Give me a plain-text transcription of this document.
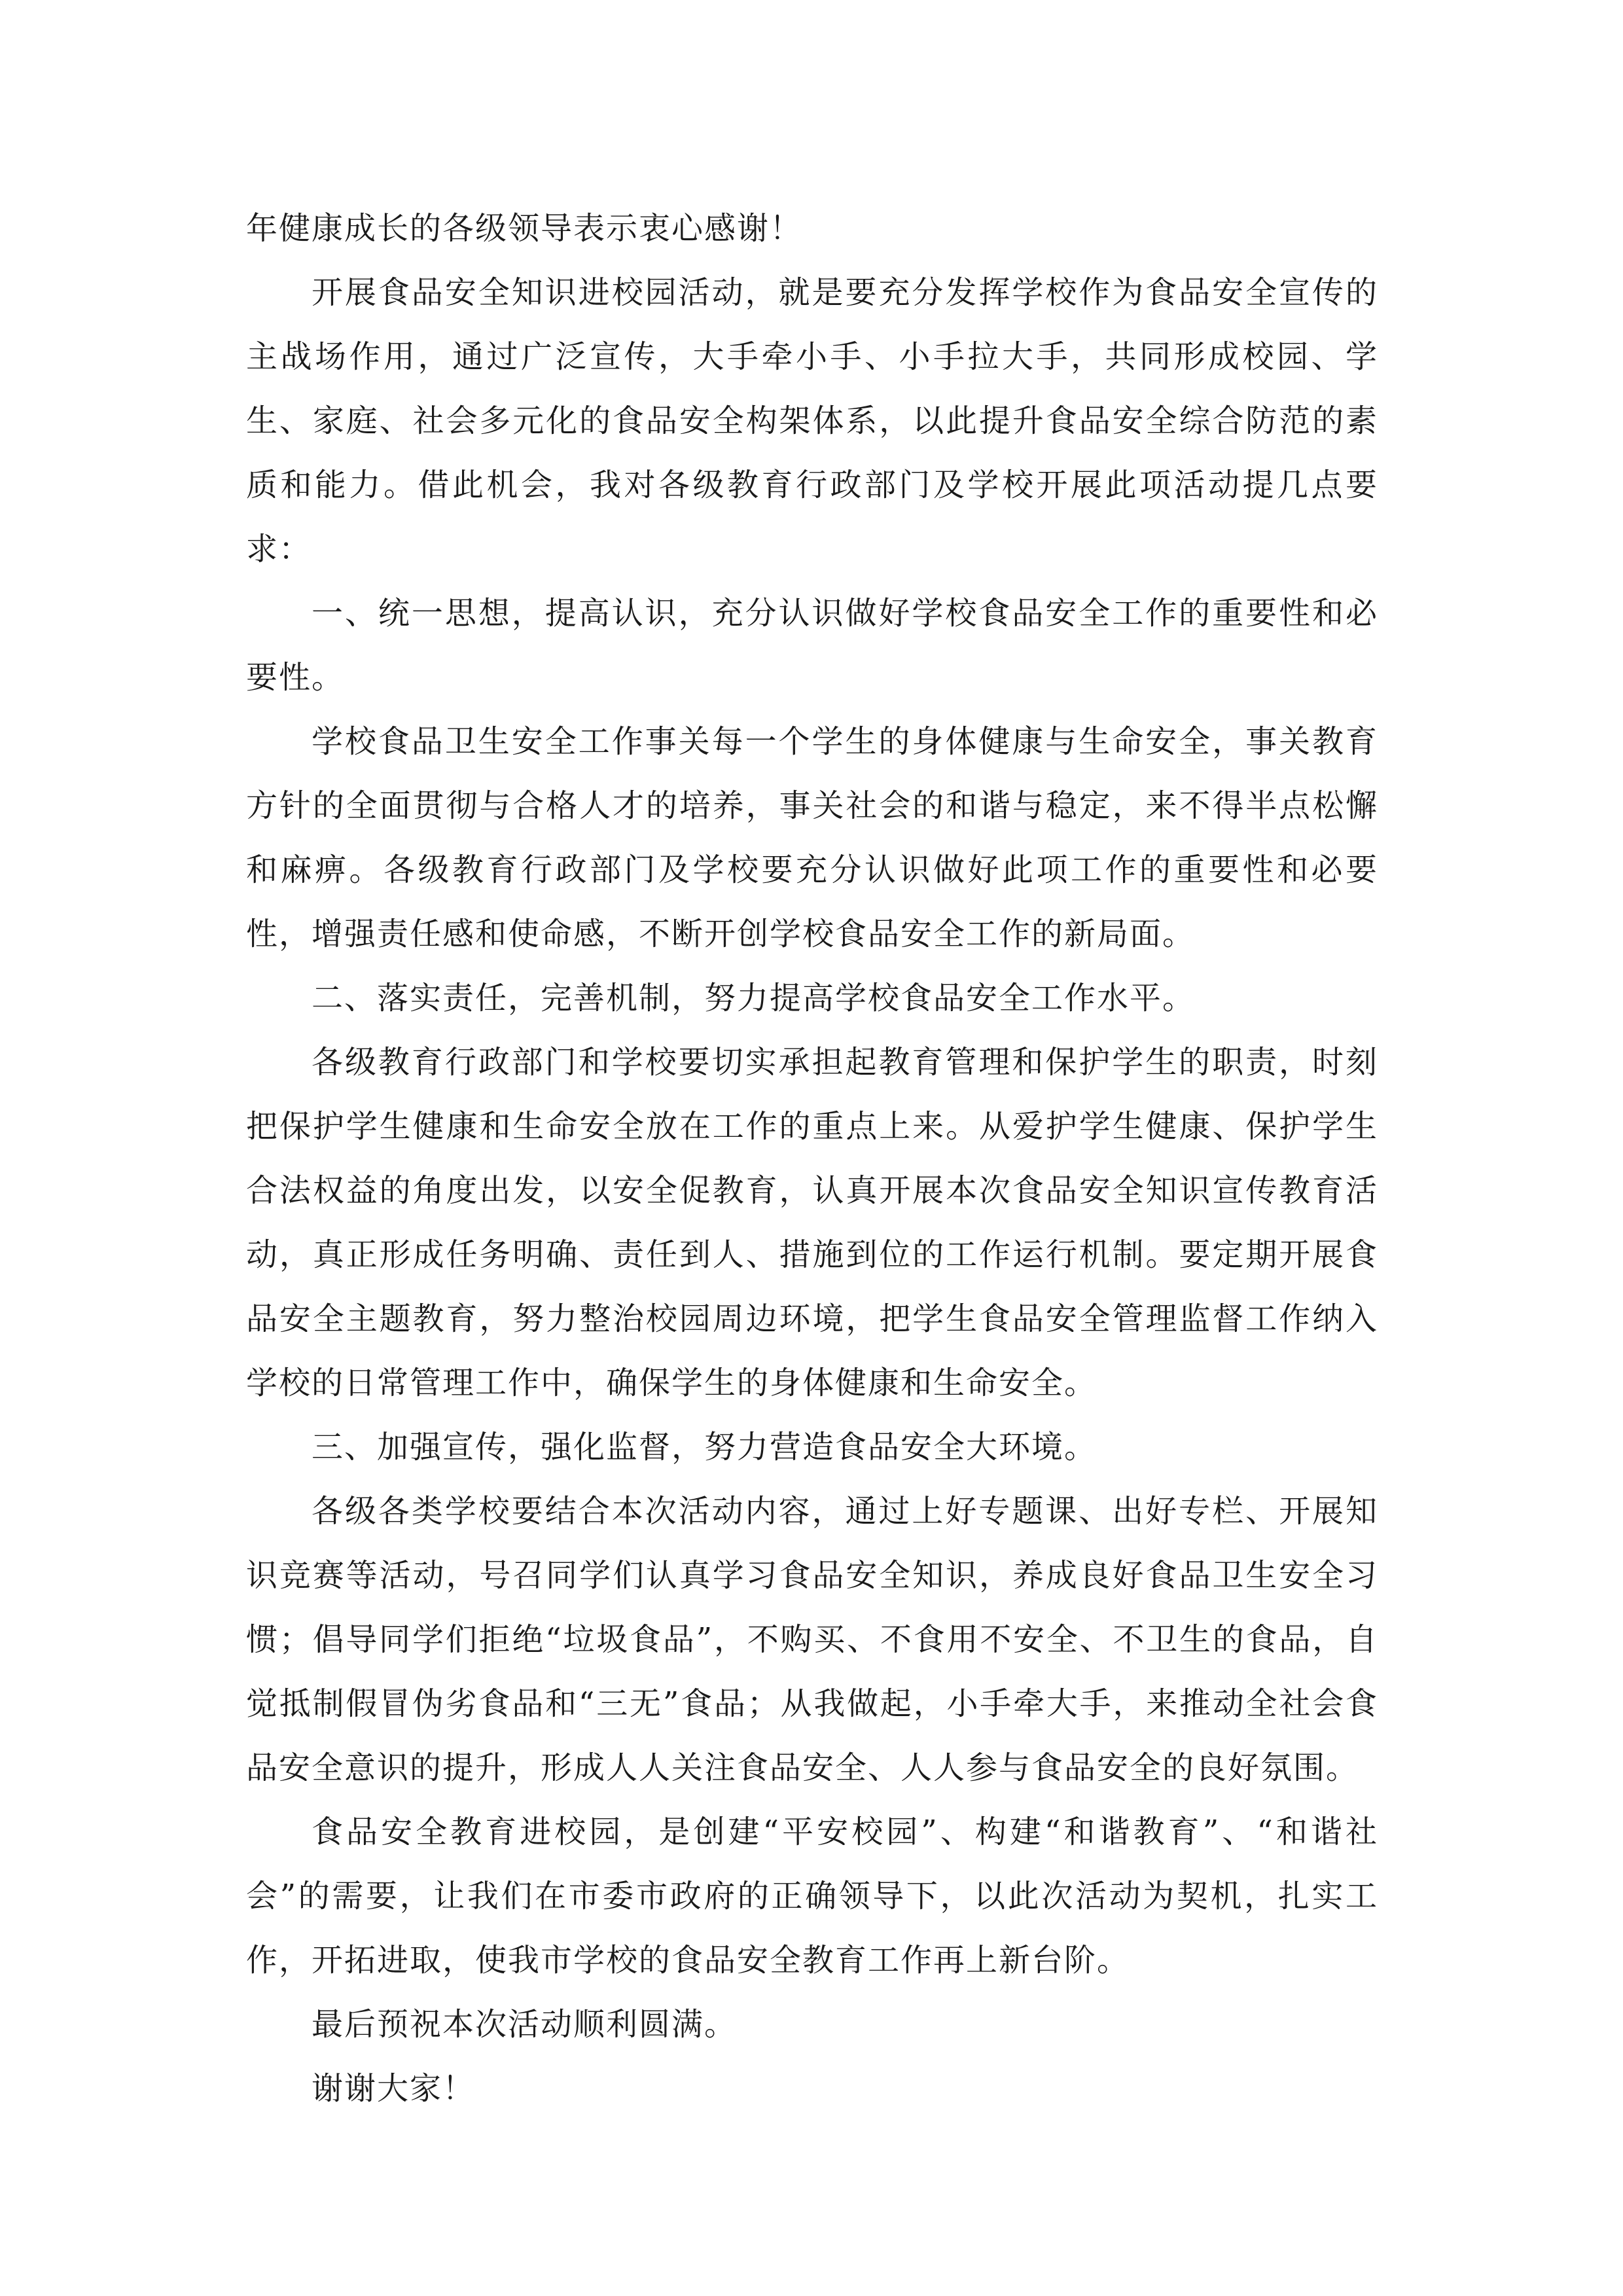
年健康成长的各级领导表示衷心感谢！

开展食品安全知识进校园活动，就是要充分发挥学校作为食品安全宣传的主战场作用，通过广泛宣传，大手牵小手、小手拉大手，共同形成校园、学生、家庭、社会多元化的食品安全构架体系，以此提升食品安全综合防范的素质和能力。借此机会，我对各级教育行政部门及学校开展此项活动提几点要求：

一、统一思想，提高认识，充分认识做好学校食品安全工作的重要性和必要性。

学校食品卫生安全工作事关每一个学生的身体健康与生命安全，事关教育方针的全面贯彻与合格人才的培养，事关社会的和谐与稳定，来不得半点松懈和麻痹。各级教育行政部门及学校要充分认识做好此项工作的重要性和必要性，增强责任感和使命感，不断开创学校食品安全工作的新局面。

二、落实责任，完善机制，努力提高学校食品安全工作水平。

各级教育行政部门和学校要切实承担起教育管理和保护学生的职责，时刻把保护学生健康和生命安全放在工作的重点上来。从爱护学生健康、保护学生合法权益的角度出发，以安全促教育，认真开展本次食品安全知识宣传教育活动，真正形成任务明确、责任到人、措施到位的工作运行机制。要定期开展食品安全主题教育，努力整治校园周边环境，把学生食品安全管理监督工作纳入学校的日常管理工作中，确保学生的身体健康和生命安全。

三、加强宣传，强化监督，努力营造食品安全大环境。

各级各类学校要结合本次活动内容，通过上好专题课、出好专栏、开展知识竞赛等活动，号召同学们认真学习食品安全知识，养成良好食品卫生安全习惯；倡导同学们拒绝“垃圾食品”，不购买、不食用不安全、不卫生的食品，自觉抵制假冒伪劣食品和“三无”食品；从我做起，小手牵大手，来推动全社会食品安全意识的提升，形成人人关注食品安全、人人参与食品安全的良好氛围。

食品安全教育进校园，是创建“平安校园”、构建“和谐教育”、“和谐社会”的需要，让我们在市委市政府的正确领导下，以此次活动为契机，扎实工作，开拓进取，使我市学校的食品安全教育工作再上新台阶。

最后预祝本次活动顺利圆满。

谢谢大家！
